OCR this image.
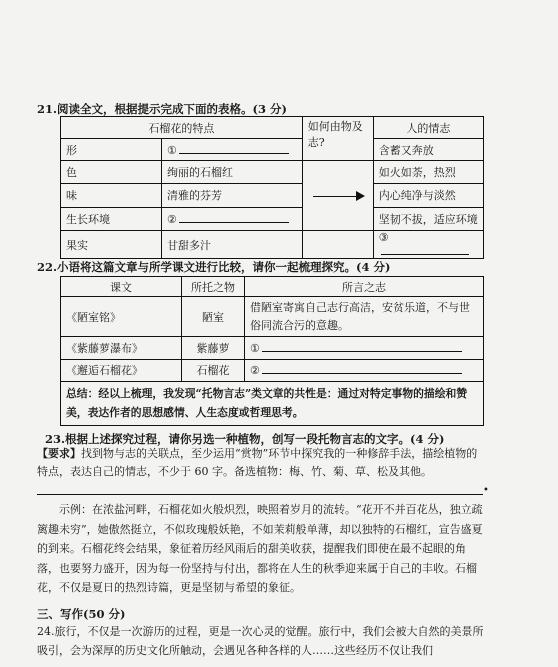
21.阅读全文，根据提示完成下面的表格。(3 分)
石榴花的特点		如何由物及志?	人的情志
形	①		含蓄又奔放
色	绚丽的石榴红		如火如荼，热烈
味	清雅的芬芳		内心纯净与淡然
生长环境	②		坚韧不拔，适应环境
果实	甘甜多汁		③
22.小语将这篇文章与所学课文进行比较，请你一起梳理探究。(4 分)
课文	所托之物	所言之志
《陋室铭》	陋室	借陋室寄寓自己志行高洁，安贫乐道，不与世俗同流合污的意趣。
《紫藤萝瀑布》	紫藤萝	①
《邂逅石榴花》	石榴花	②
总结：经以上梳理，我发现“托物言志”类文章的共性是：通过对特定事物的描绘和赞美，表达作者的思想感情、人生态度或哲理思考。		
23.根据上述探究过程，请你另选一种植物，创写一段托物言志的文字。(4 分)
【要求】找到物与志的关联点，至少运用“赏物”环节中探究我的一种修辞手法，描绘植物的特点，表达自己的情志，不少于 60 字。备选植物：梅、竹、菊、草、松及其他。
•
示例：在浓盐河畔，石榴花如火般炽烈，映照着岁月的流转。“花开不并百花丛，独立疏篱趣未穷”，她傲然挺立，不似玫瑰般妖艳，不如茉莉般单薄，却以独特的石榴红，宣告盛夏的到来。石榴花终会结果，象征着历经风雨后的甜美收获，提醒我们即使在最不起眼的角落，也要努力盛开，因为每一份坚持与付出，都将在人生的秋季迎来属于自己的丰收。石榴花，不仅是夏日的热烈诗篇，更是坚韧与希望的象征。
三、写作(50 分)
24.旅行，不仅是一次游历的过程，更是一次心灵的觉醒。旅行中，我们会被大自然的美景所吸引，会为深厚的历史文化所触动，会遇见各种各样的人……这些经历不仅让我们
